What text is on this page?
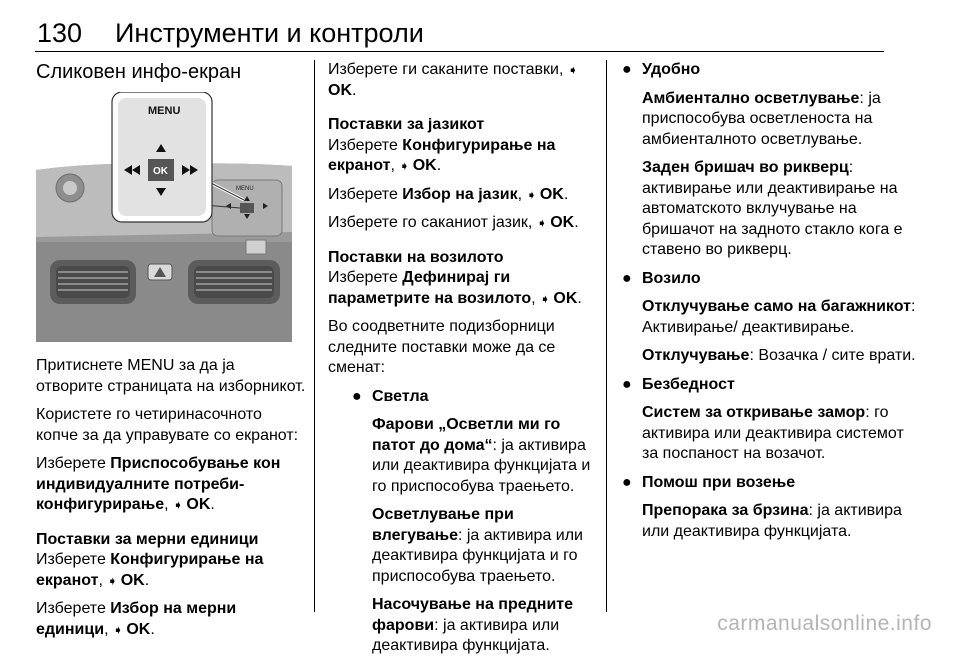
130 Инструменти и контроли
Сликовен инфо-екран
MENU
MENU
OK

Притиснете MENU за да ја отворите страницата на изборникот.

Користете го четиринасочното копче за да управувате со екранот:

Изберете Приспособување кон индивидуалните потреби-конфигурирање, ➧ OK.

Поставки за мерни единици

Изберете Конфигурирање на екранот, ➧ OK.

Изберете Избор на мерни единици, ➧ OK.

Изберете ги саканите поставки, ➧ OK.

Поставки за јазикот

Изберете Конфигурирање на екранот, ➧ OK.

Изберете Избор на јазик, ➧ OK.

Изберете го саканиот јазик, ➧ OK.

Поставки на возилото

Изберете Дефинирај ги параметрите на возилото, ➧ OK.

Во соодветните подизборници следните поставки може да се сменат:

● Светла

Фарови „Осветли ми го патот до дома“: ја активира или деактивира функцијата и го приспособува траењето.

Осветлување при влегување: ја активира или деактивира функцијата и го приспособува траењето.

Насочување на предните фарови: ја активира или деактивира функцијата.

● Удобно

Амбиентално осветлување: ја приспособува осветленоста на амбиенталното осветлување.

Заден бришач во рикверц: активирање или деактивирање на автоматското вклучување на бришачот на задното стакло кога е ставено во рикверц.

● Возило

Отклучување само на багажникот: Активирање/ деактивирање.

Отклучување: Возачка / сите врати.

● Безбедност

Систем за откривање замор: го активира или деактивира системот за поспаност на возачот.

● Помош при возење

Препорака за брзина: ја активира или деактивира функцијата.

carmanualsonline.info
